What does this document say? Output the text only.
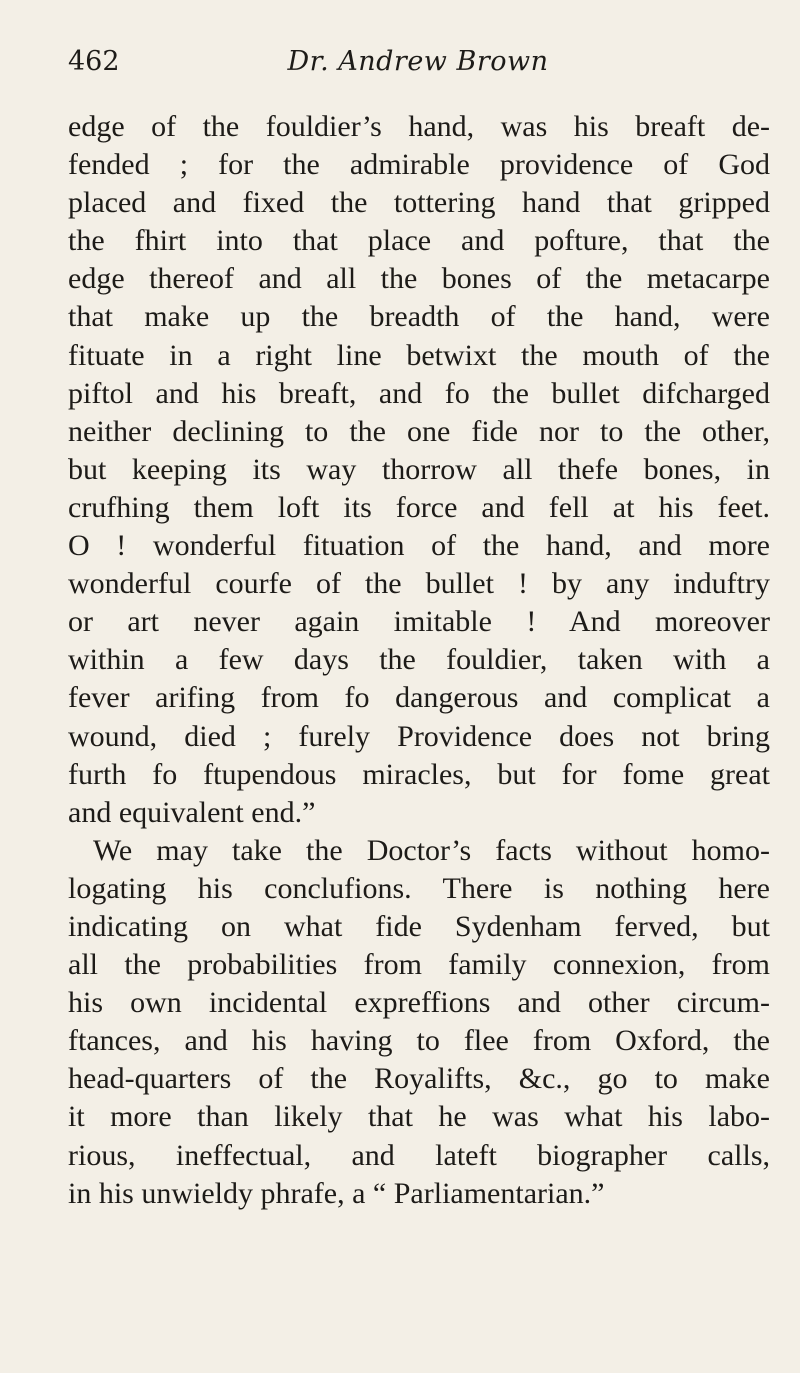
Dr. Andrew Brown
462
edge of the fouldier’s hand, was his breaft de-
fended ; for the admirable providence of God
placed and fixed the tottering hand that gripped
the fhirt into that place and pofture, that the
edge thereof and all the bones of the metacarpe
that make up the breadth of the hand, were
fituate in a right line betwixt the mouth of the
piftol and his breaft, and fo the bullet difcharged
neither declining to the one fide nor to the other,
but keeping its way thorrow all thefe bones, in
crufhing them loft its force and fell at his feet.
O ! wonderful fituation of the hand, and more
wonderful courfe of the bullet ! by any induftry
or art never again imitable ! And moreover
within a few days the fouldier, taken with a
fever arifing from fo dangerous and complicat a
wound, died ; furely Providence does not bring
furth fo ftupendous miracles, but for fome great
and equivalent end.”
We may take the Doctor’s facts without homo-
logating his conclufions. There is nothing here
indicating on what fide Sydenham ferved, but
all the probabilities from family connexion, from
his own incidental expreffions and other circum-
ftances, and his having to flee from Oxford, the
head-quarters of the Royalifts, &c., go to make
it more than likely that he was what his labo-
rious, ineffectual, and lateft biographer calls,
in his unwieldy phrafe, a “ Parliamentarian.”
